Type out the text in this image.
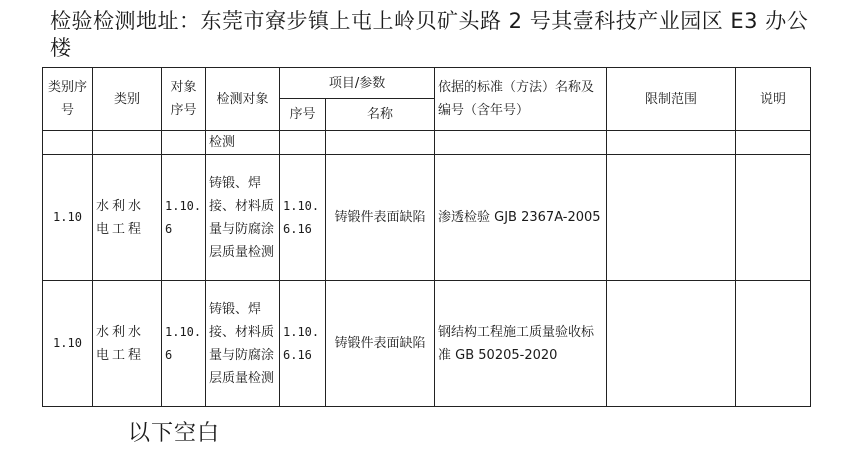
检验检测地址：东莞市寮步镇上屯上岭贝矿头路 2 号其壹科技产业园区 E3 办公楼
类别序号	类别	对象序号	检测对象	项目/参数		依据的标准（方法）名称及编号（含年号）	限制范围	说明
				序号	名称			
			检测					
1.10	水利水电工程	1.10.6	铸锻、焊接、材料质量与防腐涂层质量检测	1.10.6.16	铸锻件表面缺陷	渗透检验 GJB 2367A-2005		
1.10	水利水电工程	1.10.6	铸锻、焊接、材料质量与防腐涂层质量检测	1.10.6.16	铸锻件表面缺陷	钢结构工程施工质量验收标准 GB 50205-2020		
以下空白
